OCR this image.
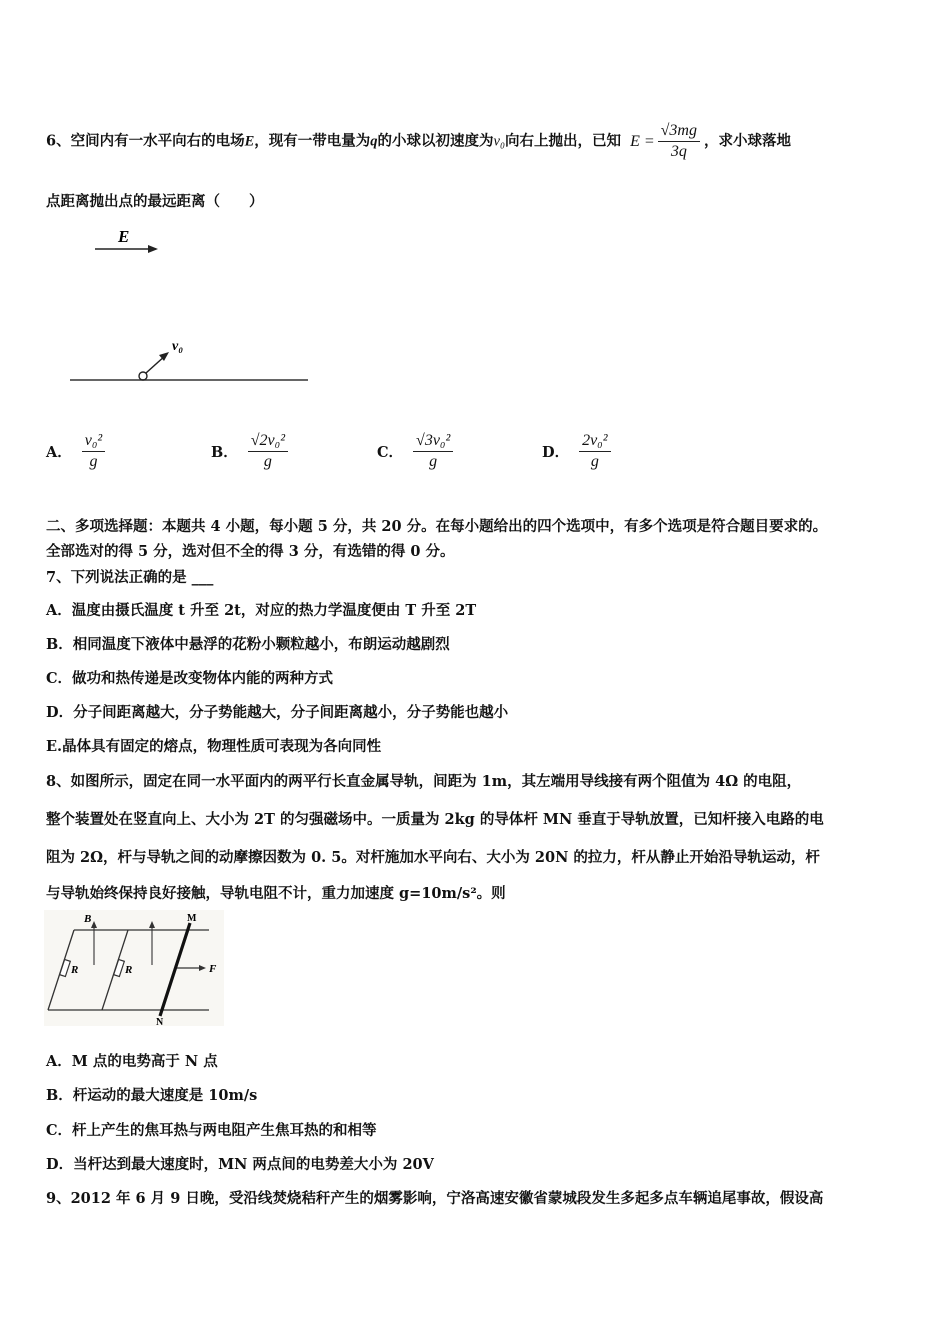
6、空间内有一水平向右的电场E，现有一带电量为q的小球以初速度为v₀向右上抛出，已知 $E = \frac{√3mg}{3q}$ ，求小球落地
点距离抛出点的最远距离（　　）
E
v₀
A． $\frac{\text{v₀²}}{g}$	B． $\frac{\text{√2v₀²}}{g}$	C． $\frac{\text{√3v₀²}}{g}$	D． $\frac{\text{2v₀²}}{g}$
二、多项选择题：本题共 4 小题，每小题 5 分，共 20 分。在每小题给出的四个选项中，有多个选项是符合题目要求的。
全部选对的得 5 分，选对但不全的得 3 分，有选错的得 0 分。
7、下列说法正确的是 ___
A．温度由摄氏温度 t 升至 2t，对应的热力学温度便由 T 升至 2T
B．相同温度下液体中悬浮的花粉小颗粒越小，布朗运动越剧烈
C．做功和热传递是改变物体内能的两种方式
D．分子间距离越大，分子势能越大，分子间距离越小，分子势能也越小
E.晶体具有固定的熔点，物理性质可表现为各向同性
8、如图所示，固定在同一水平面内的两平行长直金属导轨，间距为 1m，其左端用导线接有两个阻值为 4Ω 的电阻，
整个装置处在竖直向上、大小为 2T 的匀强磁场中。一质量为 2kg 的导体杆 MN 垂直于导轨放置，已知杆接入电路的电
阻为 2Ω，杆与导轨之间的动摩擦因数为 0. 5。对杆施加水平向右、大小为 20N 的拉力，杆从静止开始沿导轨运动，杆
与导轨始终保持良好接触，导轨电阻不计，重力加速度 g=10m/s²。则
R	R
B	M
N
F
A．M 点的电势高于 N 点
B．杆运动的最大速度是 10m/s
C．杆上产生的焦耳热与两电阻产生焦耳热的和相等
D．当杆达到最大速度时，MN 两点间的电势差大小为 20V
9、2012 年 6 月 9 日晚，受沿线焚烧秸秆产生的烟雾影响，宁洛高速安徽省蒙城段发生多起多点车辆追尾事故，假设高
